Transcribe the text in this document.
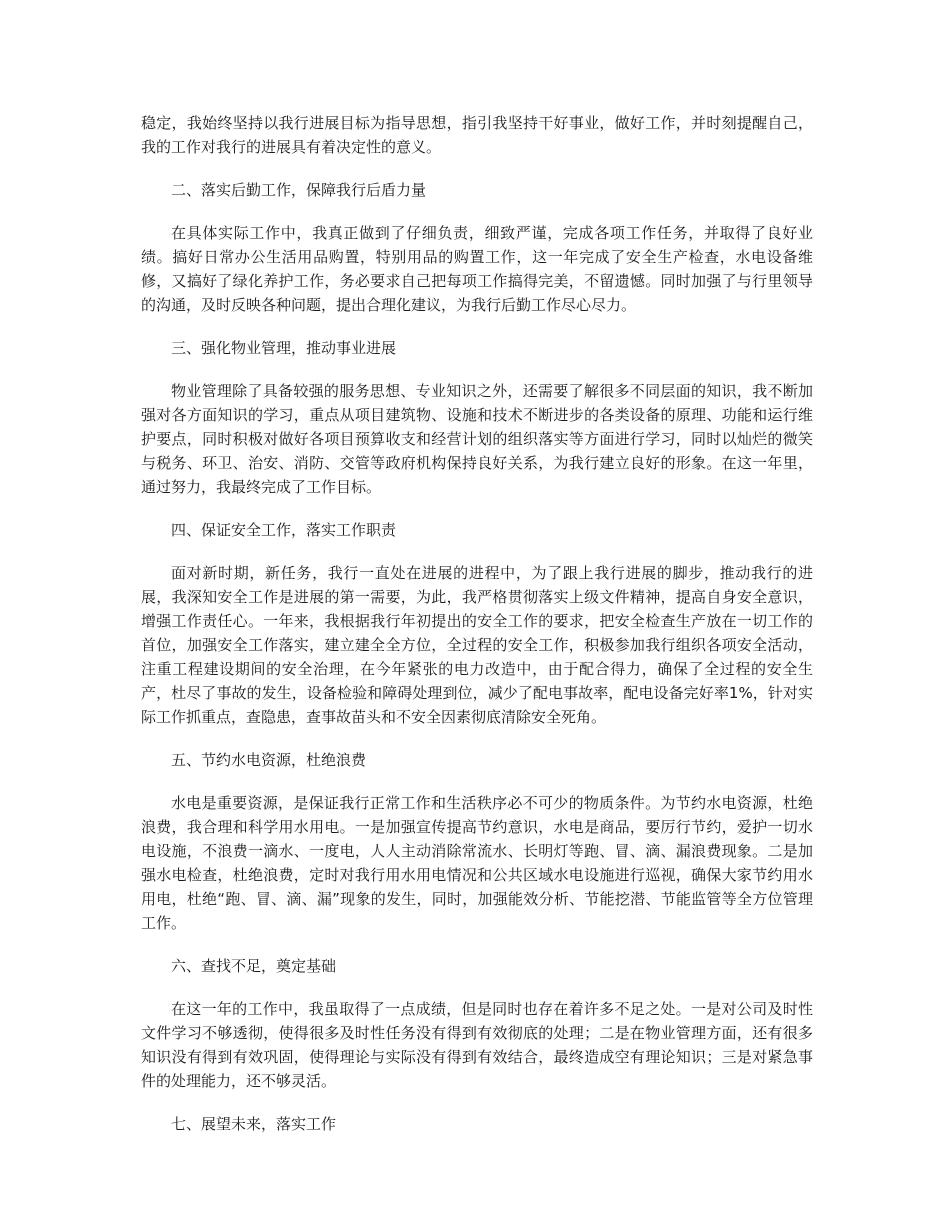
稳定，我始终坚持以我行进展目标为指导思想，指引我坚持干好事业，做好工作，并时刻提醒自己，我的工作对我行的进展具有着决定性的意义。

二、落实后勤工作，保障我行后盾力量

在具体实际工作中，我真正做到了仔细负责，细致严谨，完成各项工作任务，并取得了良好业绩。搞好日常办公生活用品购置，特别用品的购置工作，这一年完成了安全生产检查，水电设备维修，又搞好了绿化养护工作，务必要求自己把每项工作搞得完美，不留遗憾。同时加强了与行里领导的沟通，及时反映各种问题，提出合理化建议，为我行后勤工作尽心尽力。

三、强化物业管理，推动事业进展

物业管理除了具备较强的服务思想、专业知识之外，还需要了解很多不同层面的知识，我不断加强对各方面知识的学习，重点从项目建筑物、设施和技术不断进步的各类设备的原理、功能和运行维护要点，同时积极对做好各项目预算收支和经营计划的组织落实等方面进行学习，同时以灿烂的微笑与税务、环卫、治安、消防、交管等政府机构保持良好关系，为我行建立良好的形象。在这一年里，通过努力，我最终完成了工作目标。

四、保证安全工作，落实工作职责

面对新时期，新任务，我行一直处在进展的进程中，为了跟上我行进展的脚步，推动我行的进展，我深知安全工作是进展的第一需要，为此，我严格贯彻落实上级文件精神，提高自身安全意识，增强工作责任心。一年来，我根据我行年初提出的安全工作的要求，把安全检查生产放在一切工作的首位，加强安全工作落实，建立建全全方位，全过程的安全工作，积极参加我行组织各项安全活动，注重工程建设期间的安全治理，在今年紧张的电力改造中，由于配合得力，确保了全过程的安全生产，杜尽了事故的发生，设备检验和障碍处理到位，减少了配电事故率，配电设备完好率1%，针对实际工作抓重点，查隐患，查事故苗头和不安全因素彻底清除安全死角。

五、节约水电资源，杜绝浪费

水电是重要资源，是保证我行正常工作和生活秩序必不可少的物质条件。为节约水电资源，杜绝浪费，我合理和科学用水用电。一是加强宣传提高节约意识，水电是商品，要厉行节约，爱护一切水电设施，不浪费一滴水、一度电，人人主动消除常流水、长明灯等跑、冒、滴、漏浪费现象。二是加强水电检查，杜绝浪费，定时对我行用水用电情况和公共区域水电设施进行巡视，确保大家节约用水用电，杜绝“跑、冒、滴、漏”现象的发生，同时，加强能效分析、节能挖潜、节能监管等全方位管理工作。

六、查找不足，奠定基础

在这一年的工作中，我虽取得了一点成绩，但是同时也存在着许多不足之处。一是对公司及时性文件学习不够透彻，使得很多及时性任务没有得到有效彻底的处理；二是在物业管理方面，还有很多知识没有得到有效巩固，使得理论与实际没有得到有效结合，最终造成空有理论知识；三是对紧急事件的处理能力，还不够灵活。

七、展望未来，落实工作
